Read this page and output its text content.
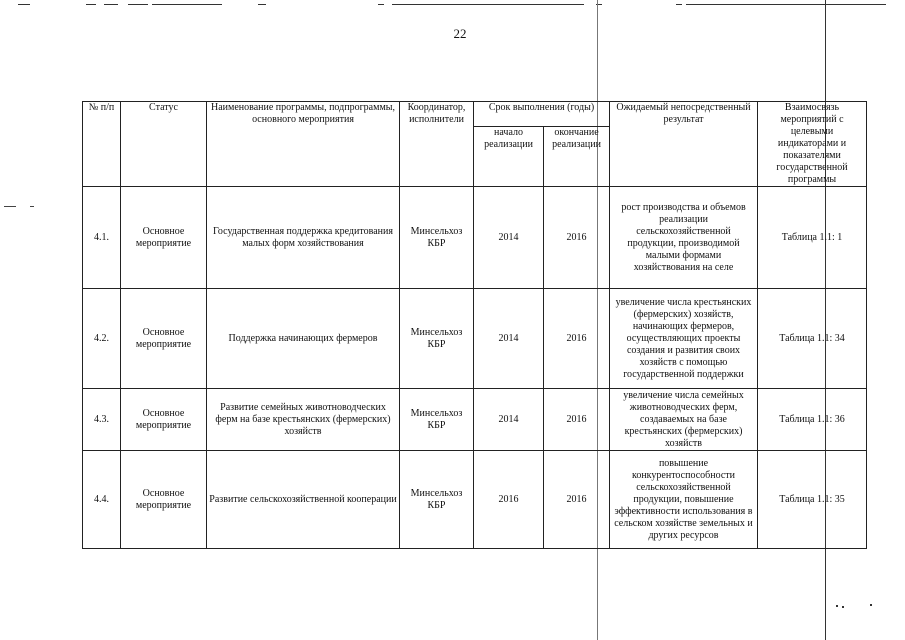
22
№ п/п	Статус	Наименование программы, подпрограммы, основного мероприятия	Координатор, исполнители	Срок выполнения (годы)		Ожидаемый непосредственный результат	Взаимосвязь мероприятий с целевыми индикаторами и показателями государственной программы
				начало реализации	окончание реализации		
4.1.	Основное мероприятие	Государственная поддержка кредитования малых форм хозяйствования	Минсельхоз КБР	2014	2016	рост производства и объемов реализации сельскохозяйственной продукции, производимой малыми формами хозяйствования на селе	Таблица 1.1: 1
4.2.	Основное мероприятие	Поддержка начинающих фермеров	Минсельхоз КБР	2014	2016	увеличение числа крестьянских (фермерских) хозяйств, начинающих фермеров, осуществляющих проекты создания и развития своих хозяйств с помощью государственной поддержки	Таблица 1.1: 34
4.3.	Основное мероприятие	Развитие семейных животноводческих ферм на базе крестьянских (фермерских) хозяйств	Минсельхоз КБР	2014	2016	увеличение числа семейных животноводческих ферм, создаваемых на базе крестьянских (фермерских) хозяйств	Таблица 1.1: 36
4.4.	Основное мероприятие	Развитие сельскохозяйственной кооперации	Минсельхоз КБР	2016	2016	повышение конкурентоспособности сельскохозяйственной продукции, повышение эффективности использования в сельском хозяйстве земельных и других ресурсов	Таблица 1.1: 35
